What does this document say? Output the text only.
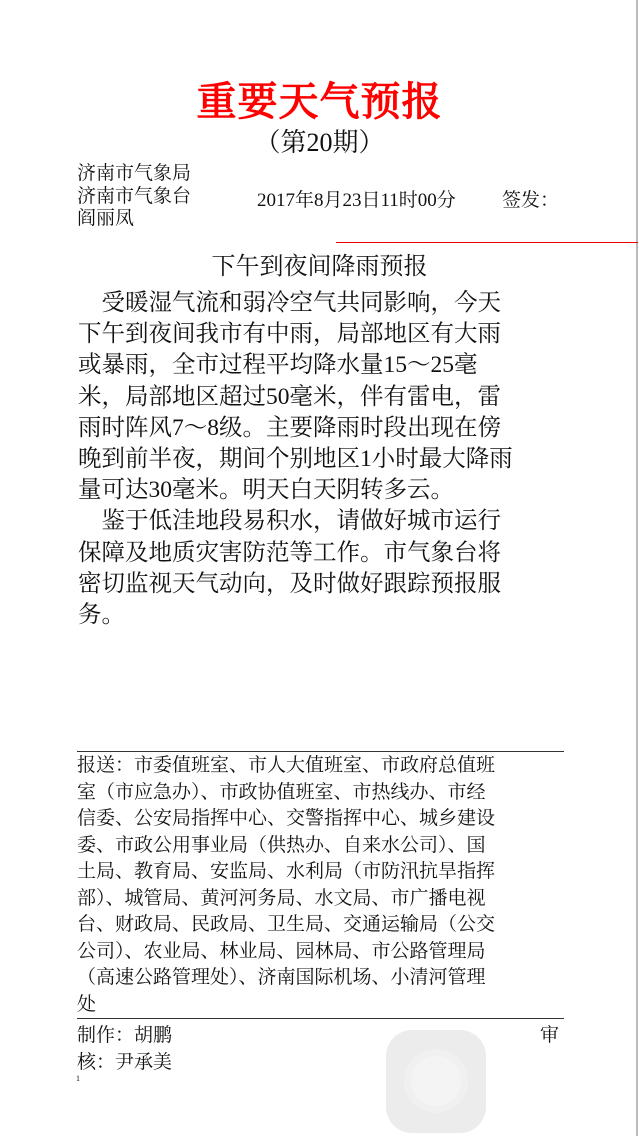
重要天气预报
（第20期）
济南市气象局
济南市气象台
阎丽凤
2017年8月23日11时00分 签发：
下午到夜间降雨预报
　受暖湿气流和弱冷空气共同影响，今天
下午到夜间我市有中雨，局部地区有大雨
或暴雨，全市过程平均降水量15～25毫
米，局部地区超过50毫米，伴有雷电，雷
雨时阵风7～8级。主要降雨时段出现在傍
晚到前半夜，期间个别地区1小时最大降雨
量可达30毫米。明天白天阴转多云。
　鉴于低洼地段易积水，请做好城市运行
保障及地质灾害防范等工作。市气象台将
密切监视天气动向，及时做好跟踪预报服
务。
报送：市委值班室、市人大值班室、市政府总值班
室（市应急办）、市政协值班室、市热线办、市经
信委、公安局指挥中心、交警指挥中心、城乡建设
委、市政公用事业局（供热办、自来水公司）、国
土局、教育局、安监局、水利局（市防汛抗旱指挥
部）、城管局、黄河河务局、水文局、市广播电视
台、财政局、民政局、卫生局、交通运输局（公交
公司）、农业局、林业局、园林局、市公路管理局
（高速公路管理处）、济南国际机场、小清河管理
处
制作：胡鹏	审
核：尹承美
1
